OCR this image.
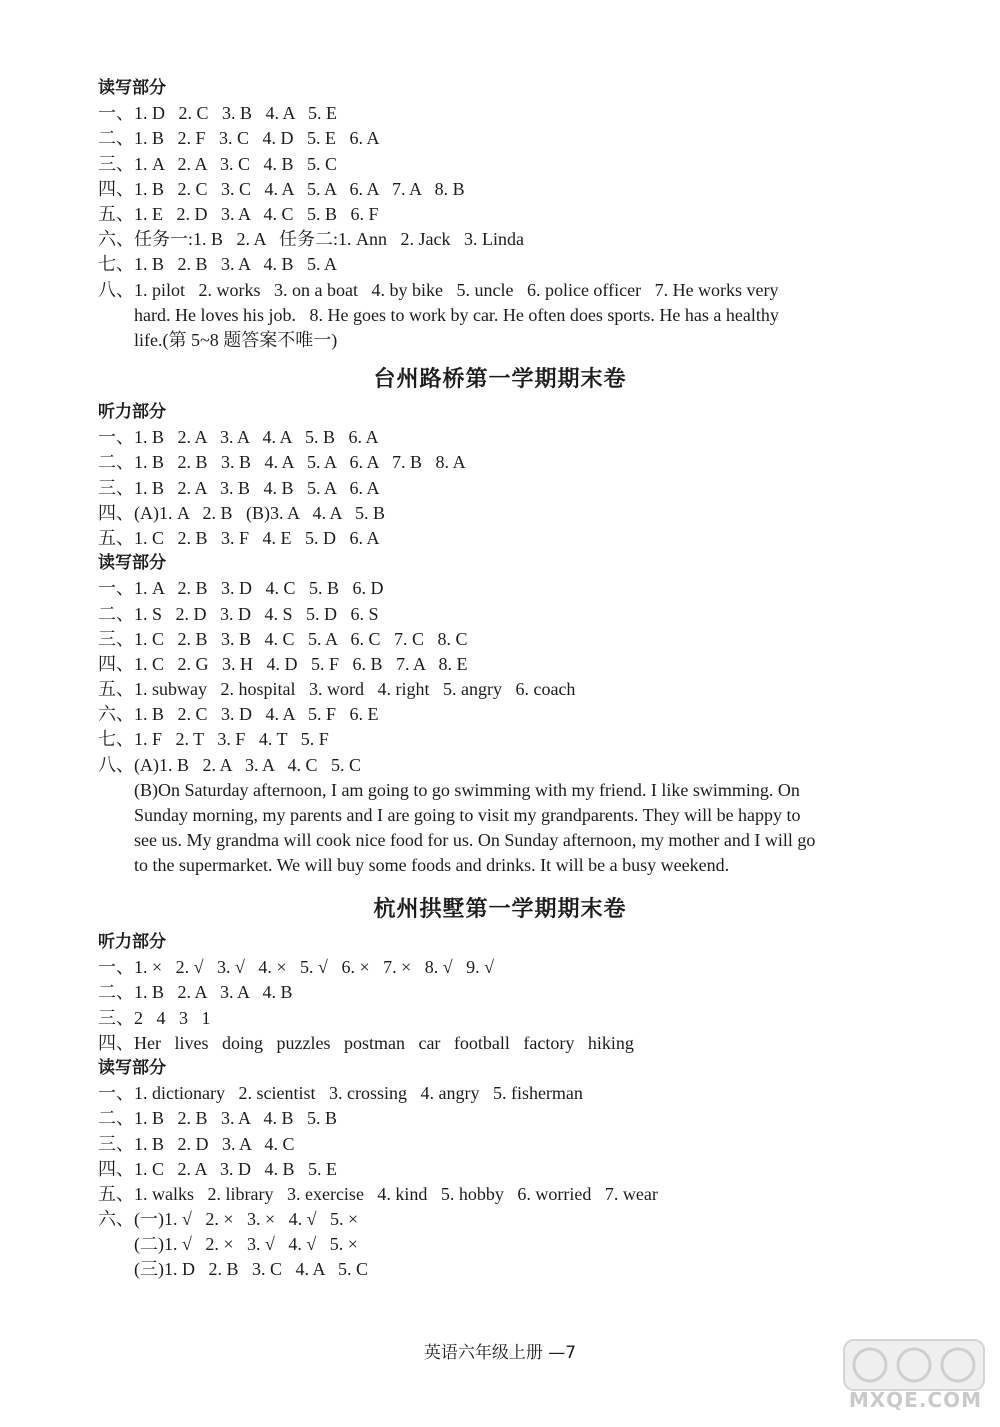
读写部分
一、1. D   2. C   3. B   4. A   5. E
二、1. B   2. F   3. C   4. D   5. E   6. A
三、1. A   2. A   3. C   4. B   5. C
四、1. B   2. C   3. C   4. A   5. A   6. A   7. A   8. B
五、1. E   2. D   3. A   4. C   5. B   6. F
六、任务一:1. B   2. A   任务二:1. Ann   2. Jack   3. Linda
七、1. B   2. B   3. A   4. B   5. A
八、1. pilot   2. works   3. on a boat   4. by bike   5. uncle   6. police officer   7. He works very
hard. He loves his job.   8. He goes to work by car. He often does sports. He has a healthy
life.(第 5~8 题答案不唯一)
台州路桥第一学期期末卷
听力部分
一、1. B   2. A   3. A   4. A   5. B   6. A
二、1. B   2. B   3. B   4. A   5. A   6. A   7. B   8. A
三、1. B   2. A   3. B   4. B   5. A   6. A
四、(A)1. A   2. B   (B)3. A   4. A   5. B
五、1. C   2. B   3. F   4. E   5. D   6. A
读写部分
一、1. A   2. B   3. D   4. C   5. B   6. D
二、1. S   2. D   3. D   4. S   5. D   6. S
三、1. C   2. B   3. B   4. C   5. A   6. C   7. C   8. C
四、1. C   2. G   3. H   4. D   5. F   6. B   7. A   8. E
五、1. subway   2. hospital   3. word   4. right   5. angry   6. coach
六、1. B   2. C   3. D   4. A   5. F   6. E
七、1. F   2. T   3. F   4. T   5. F
八、(A)1. B   2. A   3. A   4. C   5. C
(B)On Saturday afternoon, I am going to go swimming with my friend. I like swimming. On
Sunday morning, my parents and I are going to visit my grandparents. They will be happy to
see us. My grandma will cook nice food for us. On Sunday afternoon, my mother and I will go
to the supermarket. We will buy some foods and drinks. It will be a busy weekend.
杭州拱墅第一学期期末卷
听力部分
一、1. ×   2. √   3. √   4. ×   5. √   6. ×   7. ×   8. √   9. √
二、1. B   2. A   3. A   4. B
三、2   4   3   1
四、Her   lives   doing   puzzles   postman   car   football   factory   hiking
读写部分
一、1. dictionary   2. scientist   3. crossing   4. angry   5. fisherman
二、1. B   2. B   3. A   4. B   5. B
三、1. B   2. D   3. A   4. C
四、1. C   2. A   3. D   4. B   5. E
五、1. walks   2. library   3. exercise   4. kind   5. hobby   6. worried   7. wear
六、(一)1. √   2. ×   3. ×   4. √   5. ×
(二)1. √   2. ×   3. √   4. √   5. ×
(三)1. D   2. B   3. C   4. A   5. C
英语六年级上册 —7
MXQE.COM
